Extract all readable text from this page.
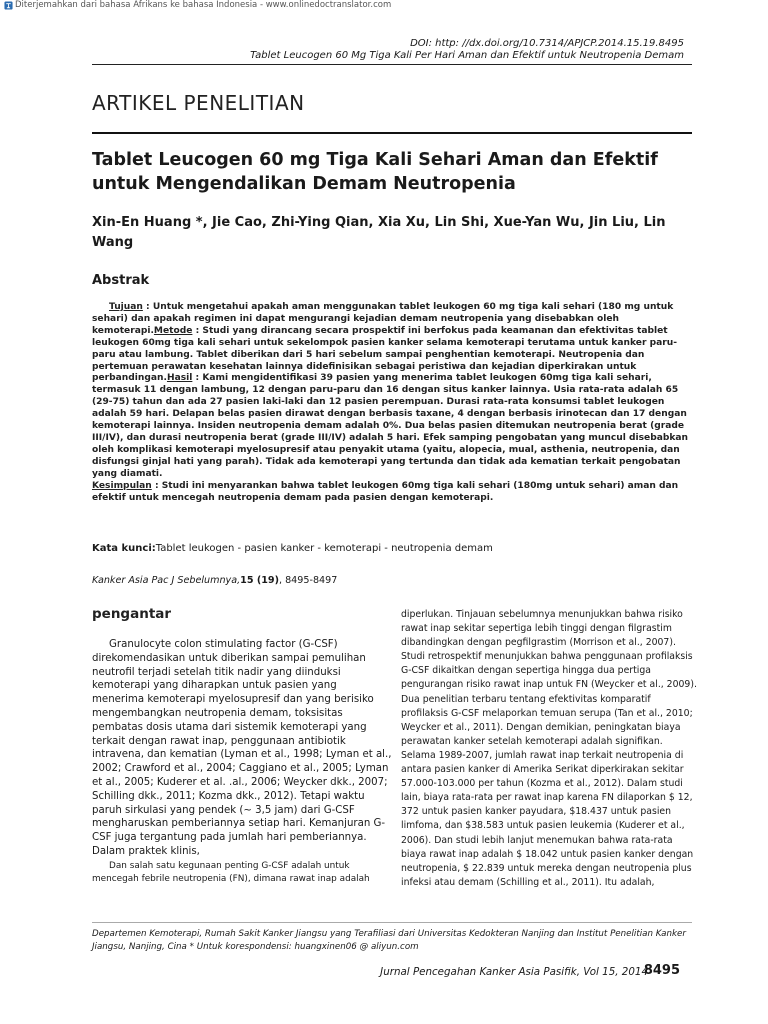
Diterjemahkan dari bahasa Afrikans ke bahasa Indonesia - www.onlinedoctranslator.com
DOI: http: //dx.doi.org/10.7314/APJCP.2014.15.19.8495
Tablet Leucogen 60 Mg Tiga Kali Per Hari Aman dan Efektif untuk Neutropenia Demam
ARTIKEL PENELITIAN
Tablet Leucogen 60 mg Tiga Kali Sehari Aman dan Efektif untuk Mengendalikan Demam Neutropenia
Xin-En Huang *, Jie Cao, Zhi-Ying Qian, Xia Xu, Lin Shi, Xue-Yan Wu, Jin Liu, Lin Wang
Abstrak
Tujuan : Untuk mengetahui apakah aman menggunakan tablet leukogen 60 mg tiga kali sehari (180 mg untuk sehari) dan apakah regimen ini dapat mengurangi kejadian demam neutropenia yang disebabkan oleh kemoterapi.Metode : Studi yang dirancang secara prospektif ini berfokus pada keamanan dan efektivitas tablet leukogen 60mg tiga kali sehari untuk sekelompok pasien kanker selama kemoterapi terutama untuk kanker paru-paru atau lambung. Tablet diberikan dari 5 hari sebelum sampai penghentian kemoterapi. Neutropenia dan pertemuan perawatan kesehatan lainnya didefinisikan sebagai peristiwa dan kejadian diperkirakan untuk perbandingan.Hasil : Kami mengidentifikasi 39 pasien yang menerima tablet leukogen 60mg tiga kali sehari, termasuk 11 dengan lambung, 12 dengan paru-paru dan 16 dengan situs kanker lainnya. Usia rata-rata adalah 65 (29-75) tahun dan ada 27 pasien laki-laki dan 12 pasien perempuan. Durasi rata-rata konsumsi tablet leukogen adalah 59 hari. Delapan belas pasien dirawat dengan berbasis taxane, 4 dengan berbasis irinotecan dan 17 dengan kemoterapi lainnya. Insiden neutropenia demam adalah 0%. Dua belas pasien ditemukan neutropenia berat (grade III/IV), dan durasi neutropenia berat (grade III/IV) adalah 5 hari. Efek samping pengobatan yang muncul disebabkan oleh komplikasi kemoterapi myelosupresif atau penyakit utama (yaitu, alopecia, mual, asthenia, neutropenia, dan disfungsi ginjal hati yang parah). Tidak ada kemoterapi yang tertunda dan tidak ada kematian terkait pengobatan yang diamati.
Kesimpulan : Studi ini menyarankan bahwa tablet leukogen 60mg tiga kali sehari (180mg untuk sehari) aman dan efektif untuk mencegah neutropenia demam pada pasien dengan kemoterapi.
Kata kunci:Tablet leukogen - pasien kanker - kemoterapi - neutropenia demam
Kanker Asia Pac J Sebelumnya,15 (19), 8495-8497
pengantar
Granulocyte colon stimulating factor (G-CSF) direkomendasikan untuk diberikan sampai pemulihan neutrofil terjadi setelah titik nadir yang diinduksi kemoterapi yang diharapkan untuk pasien yang menerima kemoterapi myelosupresif dan yang berisiko mengembangkan neutropenia demam, toksisitas pembatas dosis utama dari sistemik kemoterapi yang terkait dengan rawat inap, penggunaan antibiotik intravena, dan kematian (Lyman et al., 1998; Lyman et al., 2002; Crawford et al., 2004; Caggiano et al., 2005; Lyman et al., 2005; Kuderer et al. .al., 2006; Weycker dkk., 2007; Schilling dkk., 2011; Kozma dkk., 2012). Tetapi waktu paruh sirkulasi yang pendek (~ 3,5 jam) dari G-CSF mengharuskan pemberiannya setiap hari. Kemanjuran G-CSF juga tergantung pada jumlah hari pemberiannya. Dalam praktek klinis,
Dan salah satu kegunaan penting G-CSF adalah untuk mencegah febrile neutropenia (FN), dimana rawat inap adalah
diperlukan. Tinjauan sebelumnya menunjukkan bahwa risiko rawat inap sekitar sepertiga lebih tinggi dengan filgrastim dibandingkan dengan pegfilgrastim (Morrison et al., 2007). Studi retrospektif menunjukkan bahwa penggunaan profilaksis G-CSF dikaitkan dengan sepertiga hingga dua pertiga pengurangan risiko rawat inap untuk FN (Weycker et al., 2009). Dua penelitian terbaru tentang efektivitas komparatif profilaksis G-CSF melaporkan temuan serupa (Tan et al., 2010; Weycker et al., 2011). Dengan demikian, peningkatan biaya perawatan kanker setelah kemoterapi adalah signifikan. Selama 1989-2007, jumlah rawat inap terkait neutropenia di antara pasien kanker di Amerika Serikat diperkirakan sekitar 57.000-103.000 per tahun (Kozma et al., 2012). Dalam studi lain, biaya rata-rata per rawat inap karena FN dilaporkan $ 12, 372 untuk pasien kanker payudara, $18.437 untuk pasien limfoma, dan $38.583 untuk pasien leukemia (Kuderer et al., 2006). Dan studi lebih lanjut menemukan bahwa rata-rata biaya rawat inap adalah $ 18.042 untuk pasien kanker dengan neutropenia, $ 22.839 untuk mereka dengan neutropenia plus infeksi atau demam (Schilling et al., 2011). Itu adalah,
Departemen Kemoterapi, Rumah Sakit Kanker Jiangsu yang Terafiliasi dari Universitas Kedokteran Nanjing dan Institut Penelitian Kanker Jiangsu, Nanjing, Cina * Untuk korespondensi: huangxinen06 @ aliyun.com
Jurnal Pencegahan Kanker Asia Pasifik, Vol 15, 2014
8495
